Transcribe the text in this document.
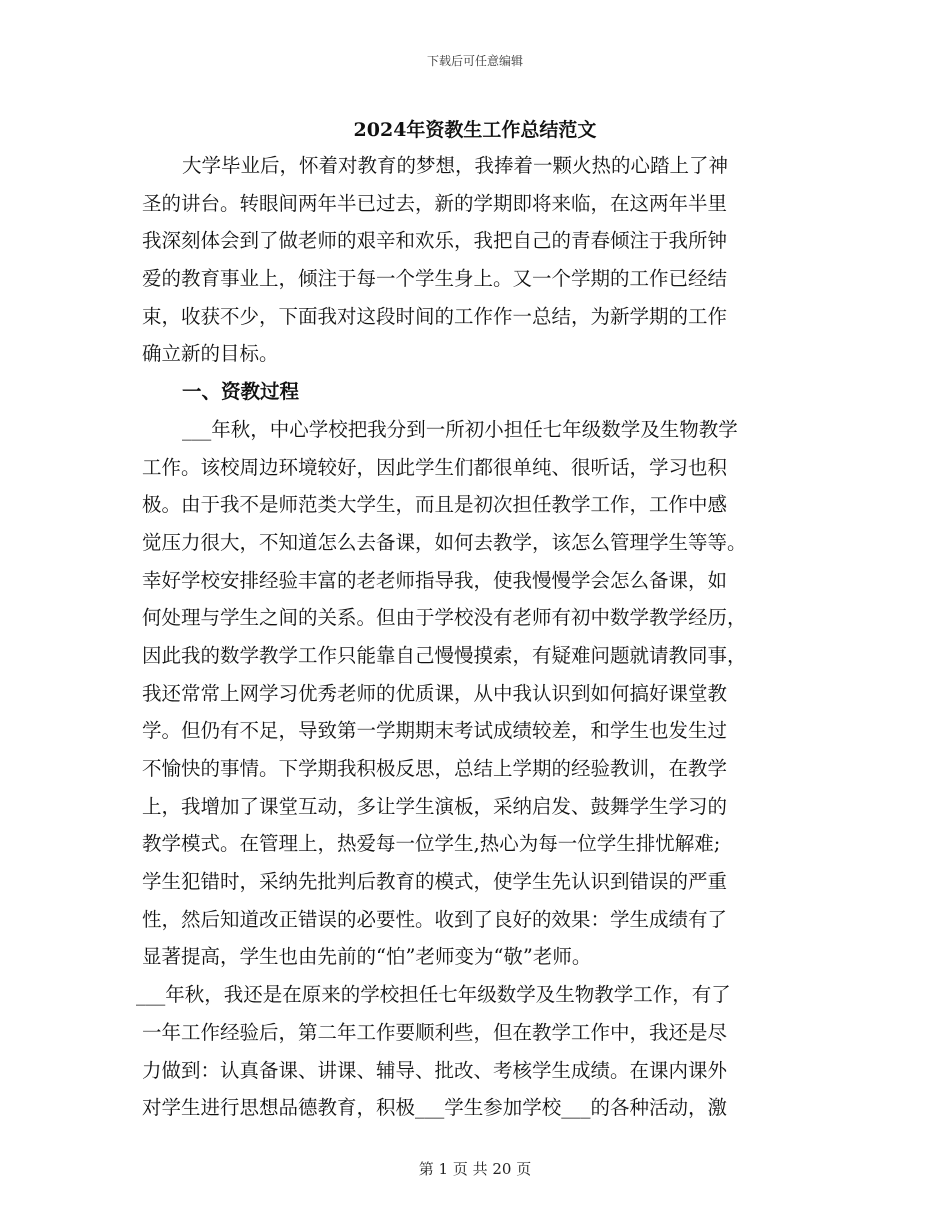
下载后可任意编辑
2024年资教生工作总结范文
大学毕业后，怀着对教育的梦想，我捧着一颗火热的心踏上了神
圣的讲台。转眼间两年半已过去，新的学期即将来临，在这两年半里
我深刻体会到了做老师的艰辛和欢乐，我把自己的青春倾注于我所钟
爱的教育事业上，倾注于每一个学生身上。又一个学期的工作已经结
束，收获不少，下面我对这段时间的工作作一总结，为新学期的工作
确立新的目标。
一、资教过程
___年秋，中心学校把我分到一所初小担任七年级数学及生物教学
工作。该校周边环境较好，因此学生们都很单纯、很听话，学习也积
极。由于我不是师范类大学生，而且是初次担任教学工作，工作中感
觉压力很大，不知道怎么去备课，如何去教学，该怎么管理学生等等。
幸好学校安排经验丰富的老老师指导我，使我慢慢学会怎么备课，如
何处理与学生之间的关系。但由于学校没有老师有初中数学教学经历，
因此我的数学教学工作只能靠自己慢慢摸索，有疑难问题就请教同事，
我还常常上网学习优秀老师的优质课，从中我认识到如何搞好课堂教
学。但仍有不足，导致第一学期期末考试成绩较差，和学生也发生过
不愉快的事情。下学期我积极反思，总结上学期的经验教训，在教学
上，我增加了课堂互动，多让学生演板，采纳启发、鼓舞学生学习的
教学模式。在管理上，热爱每一位学生,热心为每一位学生排忧解难;
学生犯错时，采纳先批判后教育的模式，使学生先认识到错误的严重
性，然后知道改正错误的必要性。收到了良好的效果：学生成绩有了
显著提高，学生也由先前的“怕”老师变为“敬”老师。
___年秋，我还是在原来的学校担任七年级数学及生物教学工作，有了
一年工作经验后，第二年工作要顺利些，但在教学工作中，我还是尽
力做到：认真备课、讲课、辅导、批改、考核学生成绩。在课内课外
对学生进行思想品德教育，积极___学生参加学校___的各种活动，激
第 1 页 共 20 页
